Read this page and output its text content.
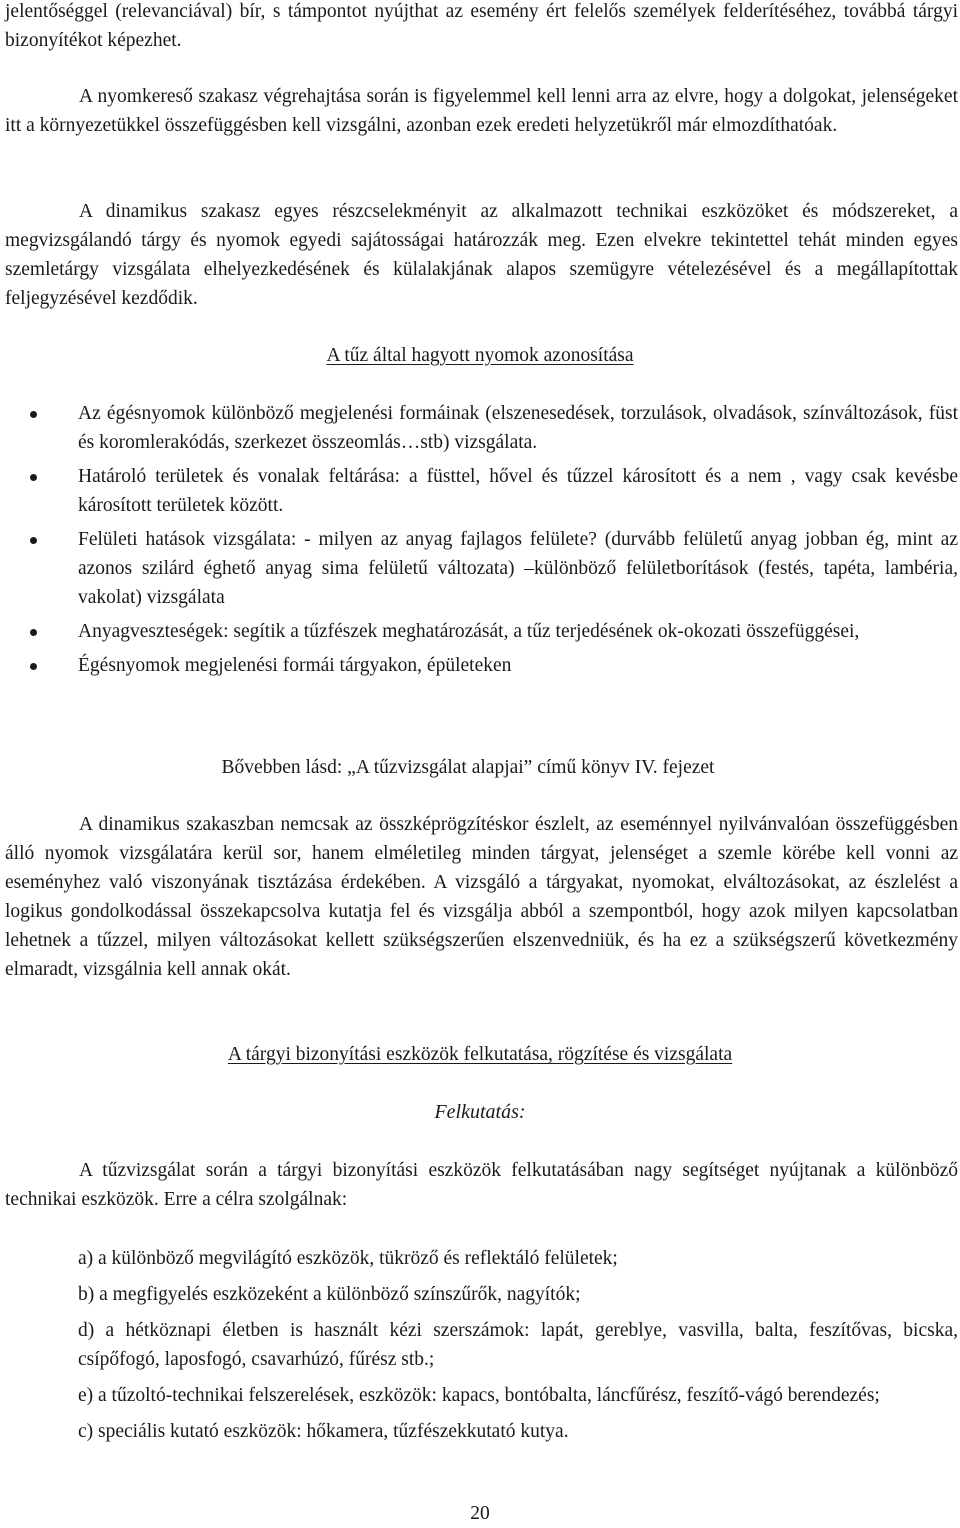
jelentőséggel (relevanciával) bír, s támpontot nyújthat az esemény ért felelős személyek felderítéséhez, továbbá tárgyi bizonyítékot képezhet.

A nyomkereső szakasz végrehajtása során is figyelemmel kell lenni arra az elvre, hogy a dolgokat, jelenségeket itt a környezetükkel összefüggésben kell vizsgálni, azonban ezek eredeti helyzetükről már elmozdíthatóak.

A dinamikus szakasz egyes részcselekményit az alkalmazott technikai eszközöket és módszereket, a megvizsgálandó tárgy és nyomok egyedi sajátosságai határozzák meg. Ezen elvekre tekintettel tehát minden egyes szemletárgy vizsgálata elhelyezkedésének és külalakjának alapos szemügyre vételezésével és a megállapítottak feljegyzésével kezdődik.

A tűz által hagyott nyomok azonosítása

Az égésnyomok különböző megjelenési formáinak (elszenesedések, torzulások, olvadások, színváltozások, füst és koromlerakódás, szerkezet összeomlás…stb) vizsgálata.
Határoló területek és vonalak feltárása: a füsttel, hővel és tűzzel károsított és a nem , vagy csak kevésbe károsított területek között.
Felületi hatások vizsgálata: - milyen az anyag fajlagos felülete? (durvább felületű anyag jobban ég, mint az azonos szilárd éghető anyag sima felületű változata) –különböző felületborítások (festés, tapéta, lambéria, vakolat) vizsgálata
Anyagveszteségek: segítik a tűzfészek meghatározását, a tűz terjedésének ok-okozati összefüggései,
Égésnyomok megjelenési formái tárgyakon, épületeken

Bővebben lásd: „A tűzvizsgálat alapjai” című könyv IV. fejezet

A dinamikus szakaszban nemcsak az összképrögzítéskor észlelt, az eseménnyel nyilvánvalóan összefüggésben álló nyomok vizsgálatára kerül sor, hanem elméletileg minden tárgyat, jelenséget a szemle körébe kell vonni az eseményhez való viszonyának tisztázása érdekében. A vizsgáló a tárgyakat, nyomokat, elváltozásokat, az észlelést a logikus gondolkodással összekapcsolva kutatja fel és vizsgálja abból a szempontból, hogy azok milyen kapcsolatban lehetnek a tűzzel, milyen változásokat kellett szükségszerűen elszenvedniük, és ha ez a szükségszerű következmény elmaradt, vizsgálnia kell annak okát.

A tárgyi bizonyítási eszközök felkutatása, rögzítése és vizsgálata

Felkutatás:

A tűzvizsgálat során a tárgyi bizonyítási eszközök felkutatásában nagy segítséget nyújtanak a különböző technikai eszközök. Erre a célra szolgálnak:

a) a különböző megvilágító eszközök, tükröző és reflektáló felületek;
b) a megfigyelés eszközeként a különböző színszűrők, nagyítók;
d) a hétköznapi életben is használt kézi szerszámok: lapát, gereblye, vasvilla, balta, feszítővas, bicska, csípőfogó, laposfogó, csavarhúzó, fűrész stb.;
e) a tűzoltó-technikai felszerelések, eszközök: kapacs, bontóbalta, láncfűrész, feszítő-vágó berendezés;
c) speciális kutató eszközök: hőkamera, tűzfészekkutató kutya.

20
